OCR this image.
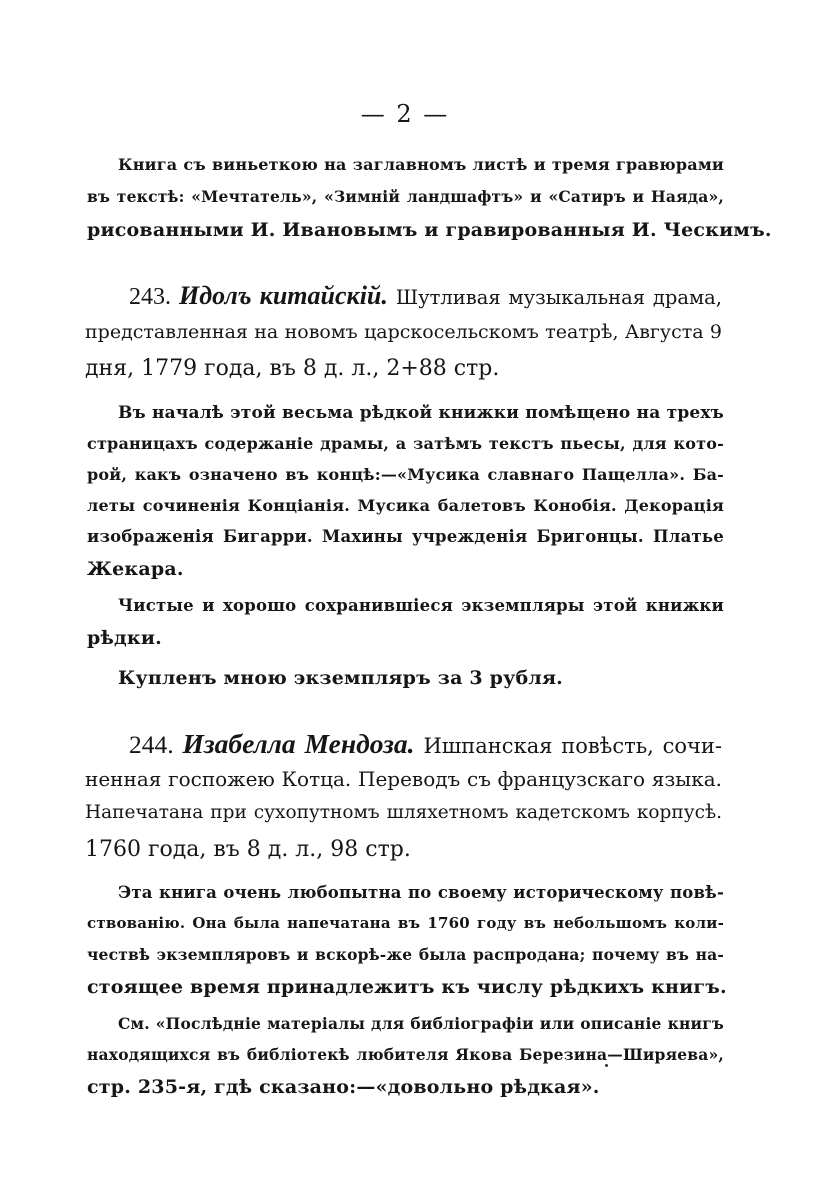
— 2 —

Книга съ виньеткою на заглавномъ листѣ и тремя гравюрами

въ текстѣ: «Мечтатель», «Зимній ландшафтъ» и «Сатиръ и Наяда»,

рисованными И. Ивановымъ и гравированныя И. Ческимъ.

243. Идолъ китайскій. Шутливая музыкальная драма,

представленная на новомъ царскосельскомъ театрѣ, Августа 9

дня, 1779 года, въ 8 д. л., 2+88 стр.

Въ началѣ этой весьма рѣдкой книжки помѣщено на трехъ

страницахъ содержаніе драмы, а затѣмъ текстъ пьесы, для кото-

рой, какъ означено въ концѣ:—«Мусика славнаго Пащелла». Ба-

леты сочиненія Конціанія. Мусика балетовъ Конобія. Декорація

изображенія Бигарри. Махины учрежденія Бригонцы. Платье

Жекара.

Чистые и хорошо сохранившіеся экземпляры этой книжки

рѣдки.

Купленъ мною экземпляръ за 3 рубля.

244. Изабелла Мендоза. Ишпанская повѣсть, сочи-

ненная госпожею Котца. Переводъ съ французскаго языка.

Напечатана при сухопутномъ шляхетномъ кадетскомъ корпусѣ.

1760 года, въ 8 д. л., 98 стр.

Эта книга очень любопытна по своему историческому повѣ-

ствованію. Она была напечатана въ 1760 году въ небольшомъ коли-

чествѣ экземпляровъ и вскорѣ-же была распродана; почему въ на-

стоящее время принадлежитъ къ числу рѣдкихъ книгъ.

См. «Послѣдніе матеріалы для библіографіи или описаніе книгъ

находящихся въ библіотекѣ любителя Якова Березина—Ширяева»,

стр. 235-я, гдѣ сказано:—«довольно рѣдкая».
